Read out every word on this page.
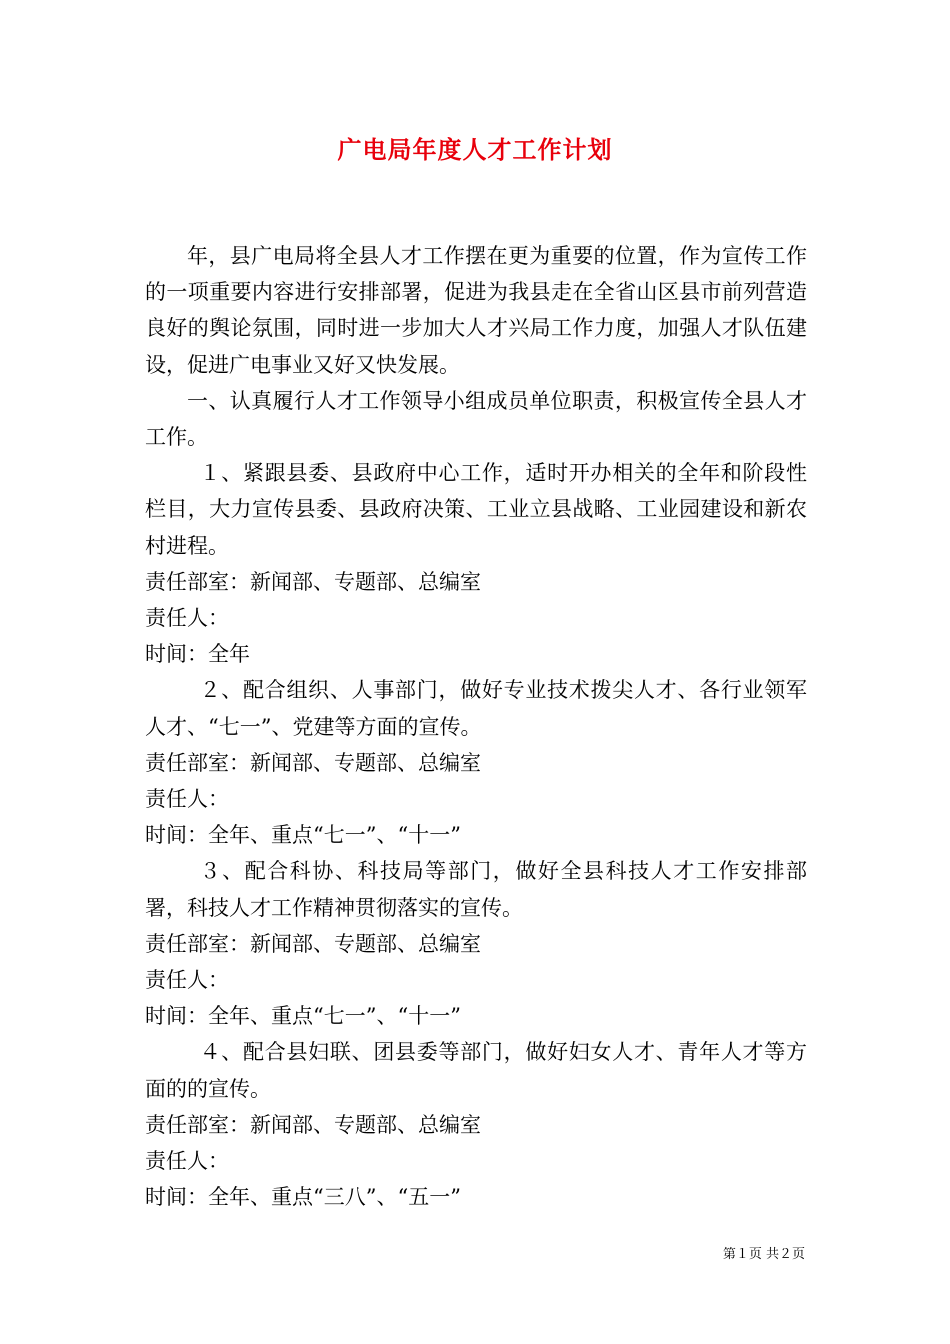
广电局年度人才工作计划

年，县广电局将全县人才工作摆在更为重要的位置，作为宣传工作的一项重要内容进行安排部署，促进为我县走在全省山区县市前列营造良好的舆论氛围，同时进一步加大人才兴局工作力度，加强人才队伍建设，促进广电事业又好又快发展。

一、认真履行人才工作领导小组成员单位职责，积极宣传全县人才工作。

１、紧跟县委、县政府中心工作，适时开办相关的全年和阶段性栏目，大力宣传县委、县政府决策、工业立县战略、工业园建设和新农村进程。

责任部室：新闻部、专题部、总编室

责任人：

时间：全年

２、配合组织、人事部门，做好专业技术拨尖人才、各行业领军人才、“七一”、党建等方面的宣传。

责任部室：新闻部、专题部、总编室

责任人：

时间：全年、重点“七一”、“十一”

３、配合科协、科技局等部门，做好全县科技人才工作安排部署，科技人才工作精神贯彻落实的宣传。

责任部室：新闻部、专题部、总编室

责任人：

时间：全年、重点“七一”、“十一”

４、配合县妇联、团县委等部门，做好妇女人才、青年人才等方面的的宣传。

责任部室：新闻部、专题部、总编室

责任人：

时间：全年、重点“三八”、“五一”

第１页 共２页
